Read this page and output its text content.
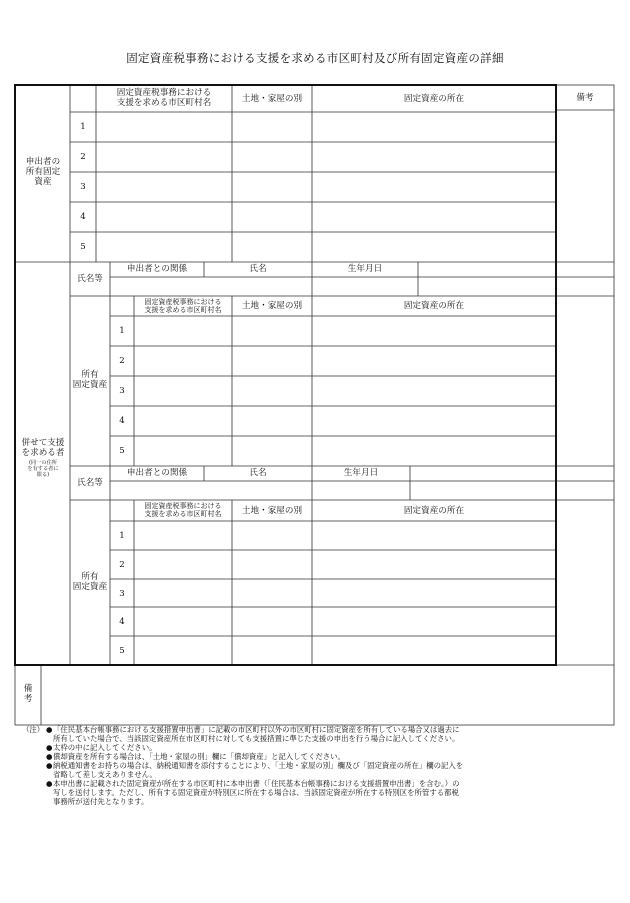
固定資産税事務における支援を求める市区町村及び所有固定資産の詳細
申出者の
所有固定
資産
固定資産税事務における
支援を求める市区町村名	土地・家屋の別	固定資産の所在	備考
1
2
3
4
5
併せて支援
を求める者
(同一の住所
を有する者に
限る)
氏名等
申出者との関係	氏名	生年月日
所有
固定資産
固定資産税事務における
支援を求める市区町村名	土地・家屋の別	固定資産の所在
1
2
3
4
5
氏名等
申出者との関係	氏名	生年月日
所有
固定資産
固定資産税事務における
支援を求める市区町村名	土地・家屋の別	固定資産の所在
1
2
3
4
5
備
考
（注） ● 「住民基本台帳事務における支援措置申出書」に記載の市区町村以外の市区町村に固定資産を所有している場合又は過去に
所有していた場合で、当該固定資産所在市区町村に対しても支援措置に準じた支援の申出を行う場合に記入してください。
● 太枠の中に記入してください。
● 償却資産を所有する場合は、「土地・家屋の別」欄に「償却資産」と記入してください。
● 納税通知書をお持ちの場合は、納税通知書を添付することにより、「土地・家屋の別」欄及び「固定資産の所在」欄の記入を
省略して差し支えありません。
● 本申出書に記載された固定資産が所在する市区町村に本申出書（「住民基本台帳事務における支援措置申出書」を含む。）の
写しを送付します。ただし、所有する固定資産が特別区に所在する場合は、当該固定資産が所在する特別区を所管する都税
事務所が送付先となります。
